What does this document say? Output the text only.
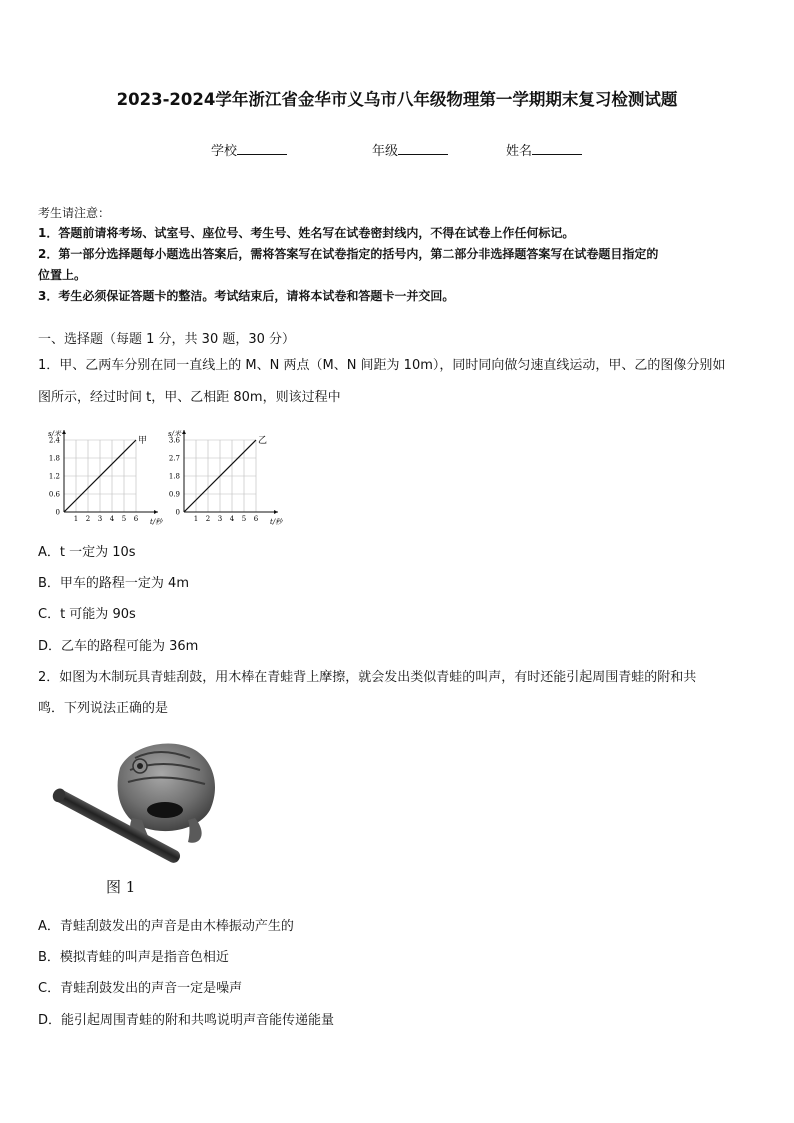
2023-2024学年浙江省金华市义乌市八年级物理第一学期期末复习检测试题
学校	年级	姓名
考生请注意：
1．答题前请将考场、试室号、座位号、考生号、姓名写在试卷密封线内，不得在试卷上作任何标记。
2．第一部分选择题每小题选出答案后，需将答案写在试卷指定的括号内，第二部分非选择题答案写在试卷题目指定的
位置上。
3．考生必须保证答题卡的整洁。考试结束后，请将本试卷和答题卡一并交回。
一、选择题（每题 1 分，共 30 题，30 分）
1．甲、乙两车分别在同一直线上的 M、N 两点（M、N 间距为 10m），同时同向做匀速直线运动，甲、乙的图像分别如
图所示，经过时间 t，甲、乙相距 80m，则该过程中
0
0.6
1.2
1.8
2.4
1 2 3 4 5 6
s/米
t/秒
甲
0
0.9
1.8
2.7
3.6
1 2 3 4 5 6
s/米
t/秒
乙
A．t 一定为 10s
B．甲车的路程一定为 4m
C．t 可能为 90s
D．乙车的路程可能为 36m
2．如图为木制玩具青蛙刮鼓，用木棒在青蛙背上摩擦，就会发出类似青蛙的叫声，有时还能引起周围青蛙的附和共
鸣．下列说法正确的是
图 1
A．青蛙刮鼓发出的声音是由木棒振动产生的
B．模拟青蛙的叫声是指音色相近
C．青蛙刮鼓发出的声音一定是噪声
D．能引起周围青蛙的附和共鸣说明声音能传递能量
